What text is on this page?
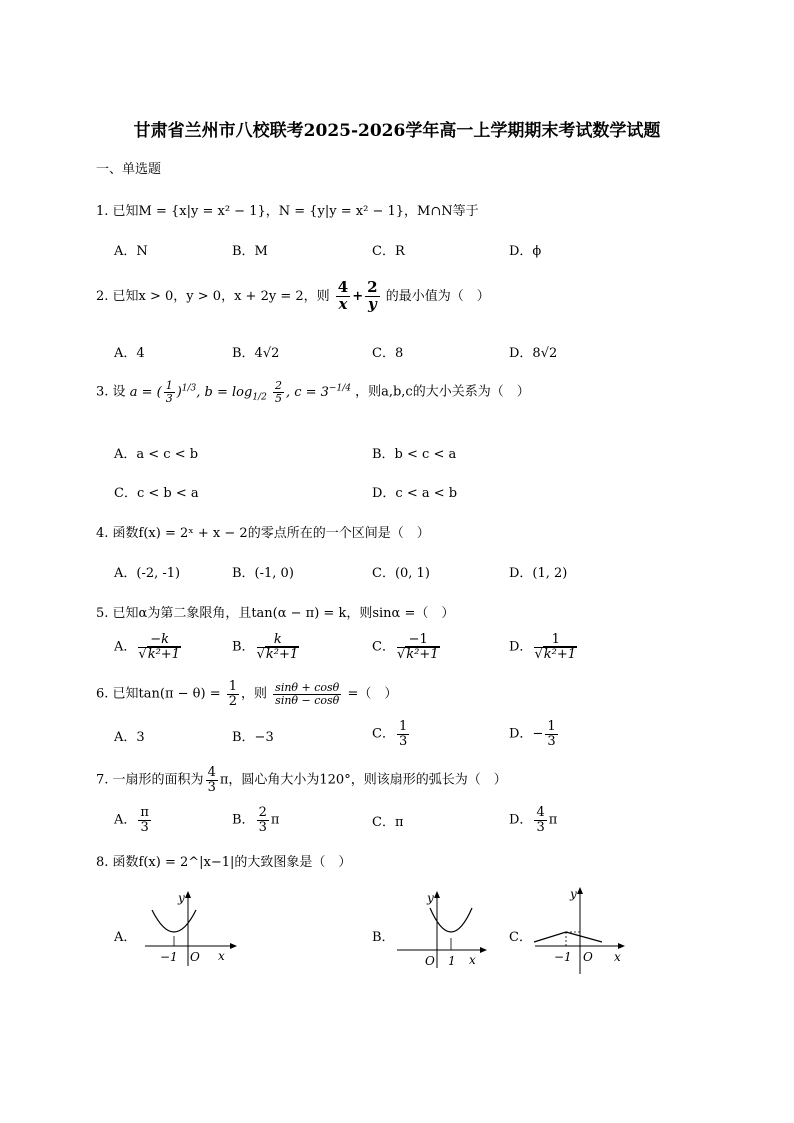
甘肃省兰州市八校联考2025-2026学年高一上学期期末考试数学试题
一、单选题
1. 已知M = {x|y = x² − 1}，N = {y|y = x² − 1}，M∩N等于
A．N	B．M	C．R	D．ϕ
2. 已知x > 0，y > 0，x + 2y = 2，则 $\frac{4}{x} + \frac{2}{y}$ 的最小值为（　）
A．4	B．4√2	C．8	D．8√2
3. 设 a = ( $\frac{1}{3} )^{1/3}$, $b = \log_{1/2} \frac{2}{5}$ , $c = 3^{-1/4}$ ，则a,b,c的大小关系为（　）
A．a < c < b	B．b < c < a
C．c < b < a	D．c < a < b
4. 函数f(x) = 2ˣ + x − 2的零点所在的一个区间是（　）
A．(-2, -1)	B．(-1, 0)	C．(0, 1)	D．(1, 2)
5. 已知α为第二象限角，且tan(α − π) = k，则sinα =（　）
A． $\frac{-k}{\text{√k²+1}}$	B． $\frac{k}{\text{√k²+1}}$	C． $\frac{-1}{\text{√k²+1}}$	D． $\frac{1}{\text{√k²+1}}$
6. 已知$\tan(\pi - \theta) = \frac{1}{2}$ ，则 $\frac{\sin\theta + \cos\theta}{\sin\theta - \cos\theta}$ =（　）
A．3	B．−3	C． $\frac{1}{3}$	D．− $\frac{1}{3}$
7. 一扇形的面积为 $\frac{4}{3}$ π，圆心角大小为120°，则该扇形的弧长为（　）
A． $\frac{\pi}{3}$	B． $\frac{2}{3}$ π	C．π	D． $\frac{4}{3}$ π
8. 函数f(x) = 2^|x−1|的大致图象是（　）
A．	B．	C．
y
x
O
−1
y
x
O 1
y
x
O
−1
